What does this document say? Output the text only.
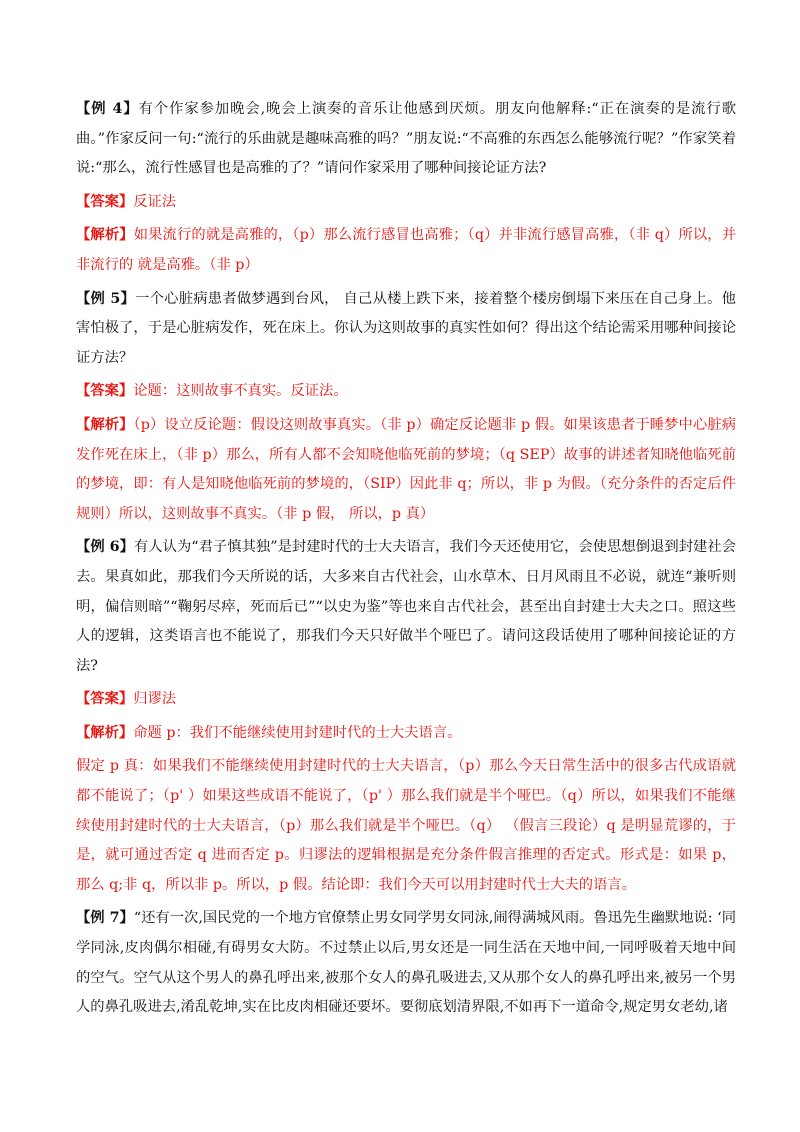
【例 4】有个作家参加晚会,晚会上演奏的音乐让他感到厌烦。朋友向他解释:“正在演奏的是流行歌曲。”作家反问一句:“流行的乐曲就是趣味高雅的吗？”朋友说:“不高雅的东西怎么能够流行呢？”作家笑着说:“那么，流行性感冒也是高雅的了？”请问作家采用了哪种间接论证方法?

【答案】反证法

【解析】如果流行的就是高雅的，（p）那么流行感冒也高雅；（q）并非流行感冒高雅，（非 q）所以，并非流行的 就是高雅。（非 p）

【例 5】一个心脏病患者做梦遇到台风， 自己从楼上跌下来，接着整个楼房倒塌下来压在自己身上。他害怕极了，于是心脏病发作，死在床上。你认为这则故事的真实性如何？得出这个结论需采用哪种间接论证方法？

【答案】论题：这则故事不真实。反证法。

【解析】（p）设立反论题：假设这则故事真实。（非 p）确定反论题非 p 假。如果该患者于睡梦中心脏病发作死在床上，（非 p）那么，所有人都不会知晓他临死前的梦境；（q SEP）故事的讲述者知晓他临死前的梦境，即：有人是知晓他临死前的梦境的，（SIP）因此非 q；所以，非 p 为假。（充分条件的否定后件规则）所以，这则故事不真实。（非 p 假， 所以，p 真）

【例 6】有人认为“君子慎其独”是封建时代的士大夫语言，我们今天还使用它，会使思想倒退到封建社会去。果真如此，那我们今天所说的话，大多来自古代社会，山水草木、日月风雨且不必说，就连“兼听则明，偏信则暗”“鞠躬尽瘁，死而后已”“以史为鉴”等也来自古代社会，甚至出自封建士大夫之口。照这些人的逻辑，这类语言也不能说了，那我们今天只好做半个哑巴了。请问这段话使用了哪种间接论证的方法?

【答案】归谬法

【解析】命题 p：我们不能继续使用封建时代的士大夫语言。

假定 p 真：如果我们不能继续使用封建时代的士大夫语言，（p）那么今天日常生活中的很多古代成语就都不能说了；（p' ）如果这些成语不能说了，（p' ）那么我们就是半个哑巴。（q）所以，如果我们不能继续使用封建时代的士大夫语言，（p）那么我们就是半个哑巴。（q） （假言三段论）q 是明显荒谬的，于是，就可通过否定 q 进而否定 p。归谬法的逻辑根据是充分条件假言推理的否定式。形式是：如果 p，那么 q;非 q，所以非 p。所以，p 假。结论即：我们今天可以用封建时代士大夫的语言。

【例 7】“还有一次,国民党的一个地方官僚禁止男女同学男女同泳,闹得满城风雨。鲁迅先生幽默地说: ‘同学同泳,皮肉偶尔相碰,有碍男女大防。不过禁止以后,男女还是一同生活在天地中间,一同呼吸着天地中间的空气。空气从这个男人的鼻孔呼出来,被那个女人的鼻孔吸进去,又从那个女人的鼻孔呼出来,被另一个男人的鼻孔吸进去,淆乱乾坤,实在比皮肉相碰还要坏。要彻底划清界限,不如再下一道命令,规定男女老幼,诸
